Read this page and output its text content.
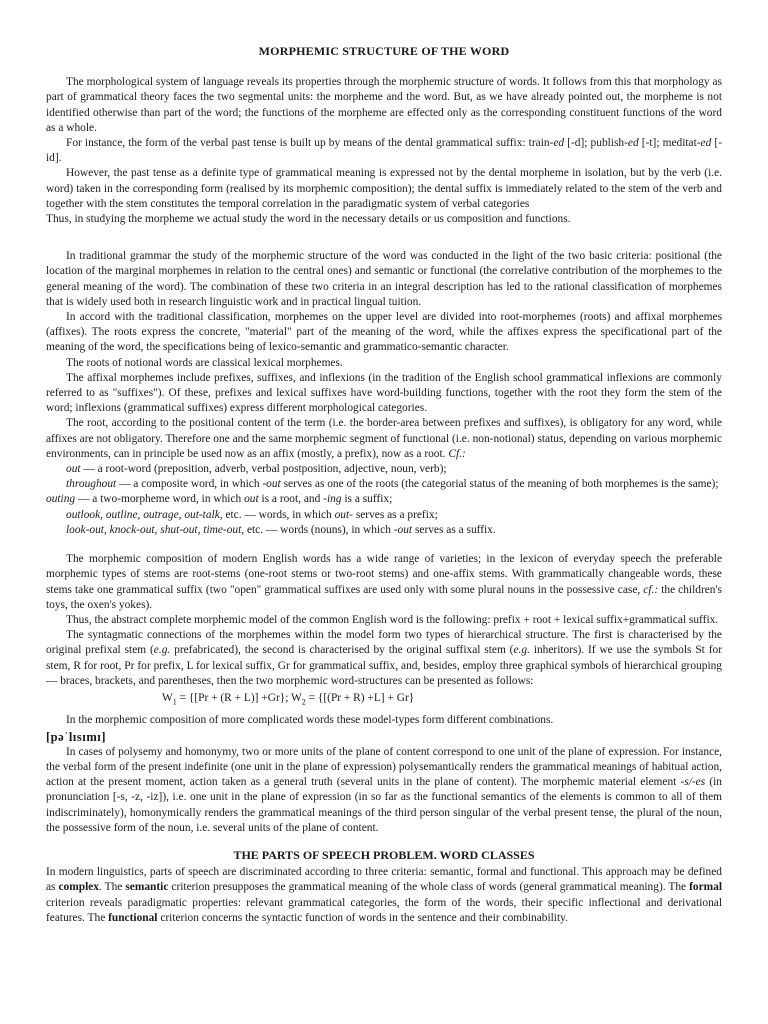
MORPHEMIC STRUCTURE OF THE WORD

The morphological system of language reveals its properties through the morphemic structure of words. It follows from this that morphology as part of grammatical theory faces the two segmental units: the morpheme and the word. But, as we have already pointed out, the morpheme is not identified otherwise than part of the word; the functions of the morpheme are effected only as the corresponding constituent functions of the word as a whole.

For instance, the form of the verbal past tense is built up by means of the dental grammatical suffix: train-ed [-d]; publish-ed [-t]; meditat-ed [-id].

However, the past tense as a definite type of grammatical meaning is expressed not by the dental morpheme in isolation, but by the verb (i.e. word) taken in the corresponding form (realised by its morphemic composition); the dental suffix is immediately related to the stem of the verb and together with the stem constitutes the temporal correlation in the paradigmatic system of verbal categories

Thus, in studying the morpheme we actual study the word in the necessary details or us composition and functions.

In traditional grammar the study of the morphemic structure of the word was conducted in the light of the two basic criteria: positional (the location of the marginal morphemes in relation to the central ones) and semantic or functional (the correlative contribution of the morphemes to the general meaning of the word). The combination of these two criteria in an integral description has led to the rational classification of morphemes that is widely used both in research linguistic work and in practical lingual tuition.

In accord with the traditional classification, morphemes on the upper level are divided into root-morphemes (roots) and affixal morphemes (affixes). The roots express the concrete, "material" part of the meaning of the word, while the affixes express the specificational part of the meaning of the word, the specifications being of lexico-semantic and grammatico-semantic character.

The roots of notional words are classical lexical morphemes.

The affixal morphemes include prefixes, suffixes, and inflexions (in the tradition of the English school grammatical inflexions are commonly referred to as "suffixes"). Of these, prefixes and lexical suffixes have word-building functions, together with the root they form the stem of the word; inflexions (grammatical suffixes) express different morphological categories.

The root, according to the positional content of the term (i.e. the border-area between prefixes and suffixes), is obligatory for any word, while affixes are not obligatory. Therefore one and the same morphemic segment of functional (i.e. non-notional) status, depending on various morphemic environments, can in principle be used now as an affix (mostly, a prefix), now as a root. Cf.:

out — a root-word (preposition, adverb, verbal postposition, adjective, noun, verb);

throughout — a composite word, in which -out serves as one of the roots (the categorial status of the meaning of both morphemes is the same);

outing — a two-morpheme word, in which out is a root, and -ing is a suffix;

outlook, outline, outrage, out-talk, etc. — words, in which out- serves as a prefix;

look-out, knock-out, shut-out, time-out, etc. — words (nouns), in which -out serves as a suffix.

The morphemic composition of modern English words has a wide range of varieties; in the lexicon of everyday speech the preferable morphemic types of stems are root-stems (one-root stems or two-root stems) and one-affix stems. With grammatically changeable words, these stems take one grammatical suffix (two "open" grammatical suffixes are used only with some plural nouns in the possessive case, cf.: the children's toys, the oxen's yokes).

Thus, the abstract complete morphemic model of the common English word is the following: prefix + root + lexical suffix+grammatical suffix.

The syntagmatic connections of the morphemes within the model form two types of hierarchical structure. The first is characterised by the original prefixal stem (e.g. prefabricated), the second is characterised by the original suffixal stem (e.g. inheritors). If we use the symbols St for stem, R for root, Pr for prefix, L for lexical suffix, Gr for grammatical suffix, and, besides, employ three graphical symbols of hierarchical grouping — braces, brackets, and parentheses, then the two morphemic word-structures can be presented as follows:

$W_1 = \{[Pr + (R + L)] +Gr\}$; $W_2 = \{[(Pr + R) +L] + Gr\}$

In the morphemic composition of more complicated words these model-types form different combinations.

[pəˈlɪsɪmɪ]

In cases of polysemy and homonymy, two or more units of the plane of content correspond to one unit of the plane of expression. For instance, the verbal form of the present indefinite (one unit in the plane of expression) polysemantically renders the grammatical meanings of habitual action, action at the present moment, action taken as a general truth (several units in the plane of content). The morphemic material element -s/-es (in pronunciation [-s, -z, -iz]), i.e. one unit in the plane of expression (in so far as the functional semantics of the elements is common to all of them indiscriminately), homonymically renders the grammatical meanings of the third person singular of the verbal present tense, the plural of the noun, the possessive form of the noun, i.e. several units of the plane of content.

THE PARTS OF SPEECH PROBLEM. WORD CLASSES

In modern linguistics, parts of speech are discriminated according to three criteria: semantic, formal and functional. This approach may be defined as complex. The semantic criterion presupposes the grammatical meaning of the whole class of words (general grammatical meaning). The formal criterion reveals paradigmatic properties: relevant grammatical categories, the form of the words, their specific inflectional and derivational features. The functional criterion concerns the syntactic function of words in the sentence and their combinability.
